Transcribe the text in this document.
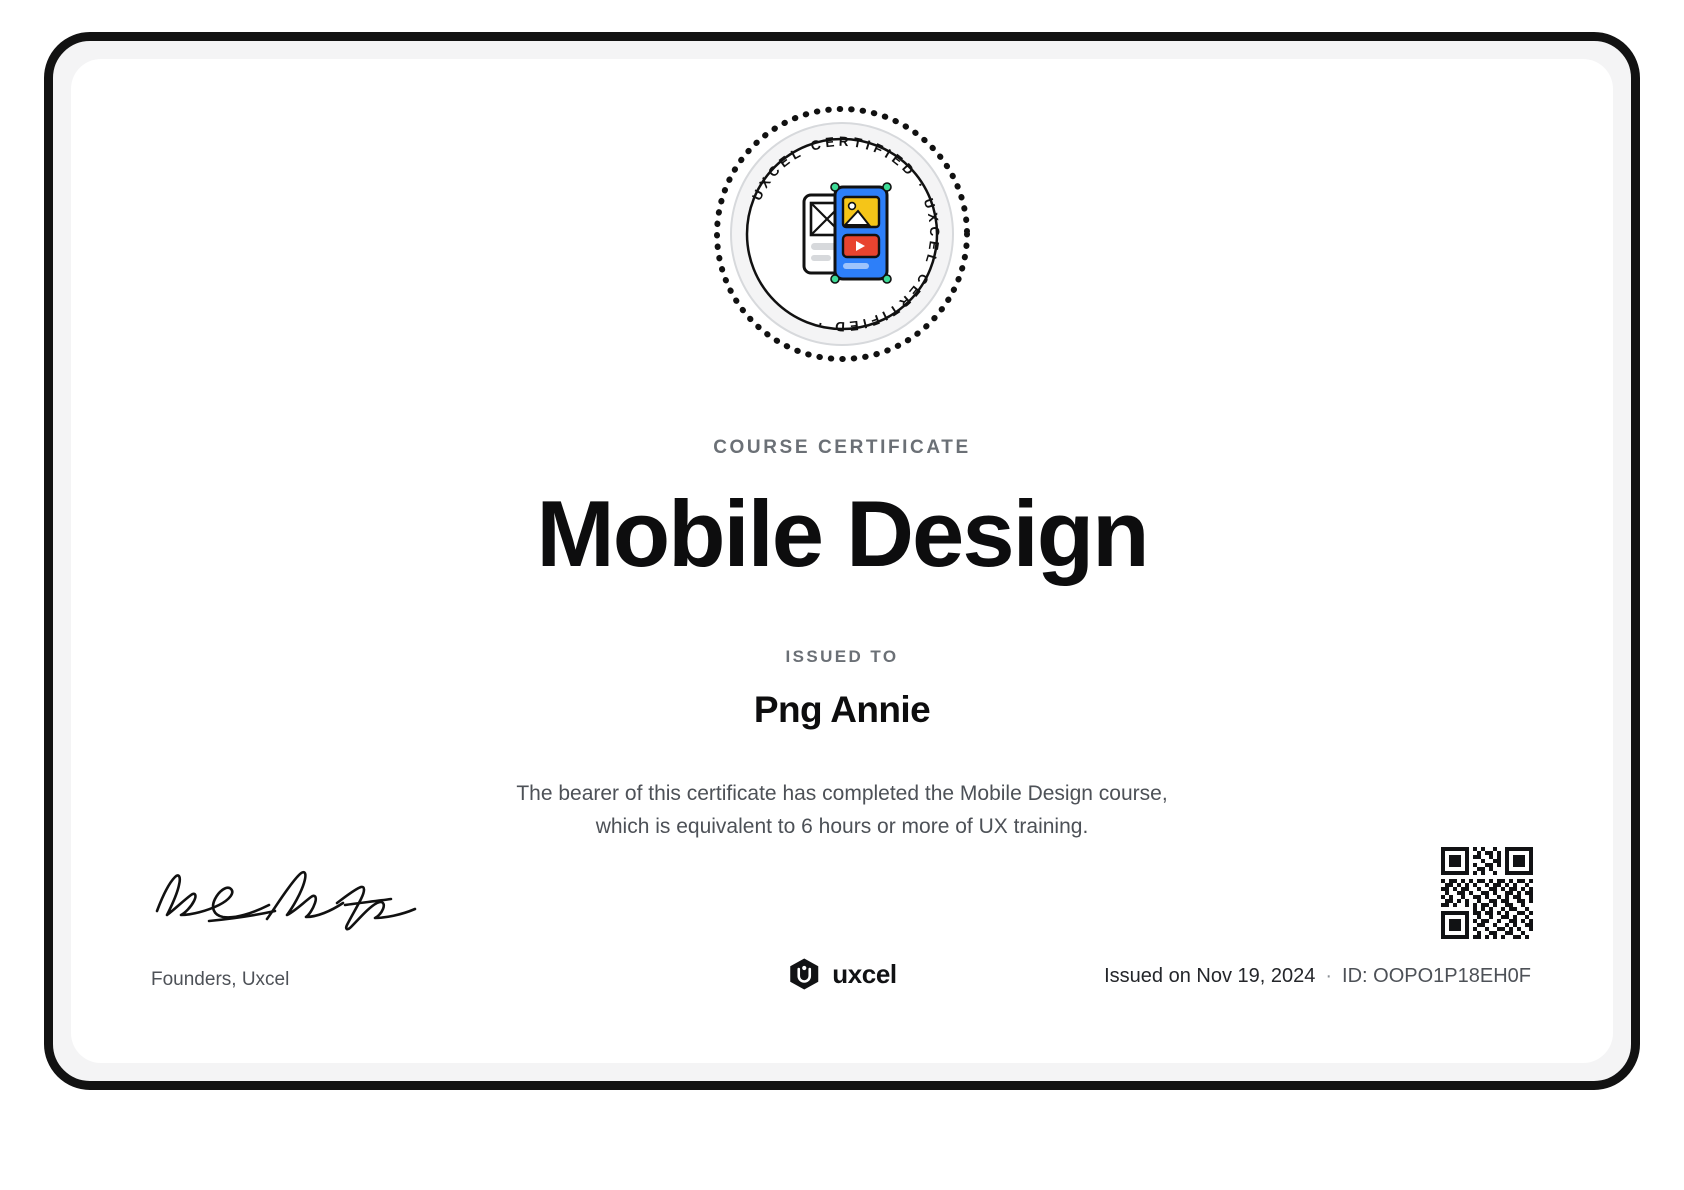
UXCEL CERTIFIED · UXCEL CERTIFIED ·
COURSE CERTIFICATE
Mobile Design
ISSUED TO
Png Annie
The bearer of this certificate has completed the Mobile Design course,
which is equivalent to 6 hours or more of UX training.
Founders, Uxcel	uxcel	Issued on Nov 19, 2024 · ID: OOPO1P18EH0F
